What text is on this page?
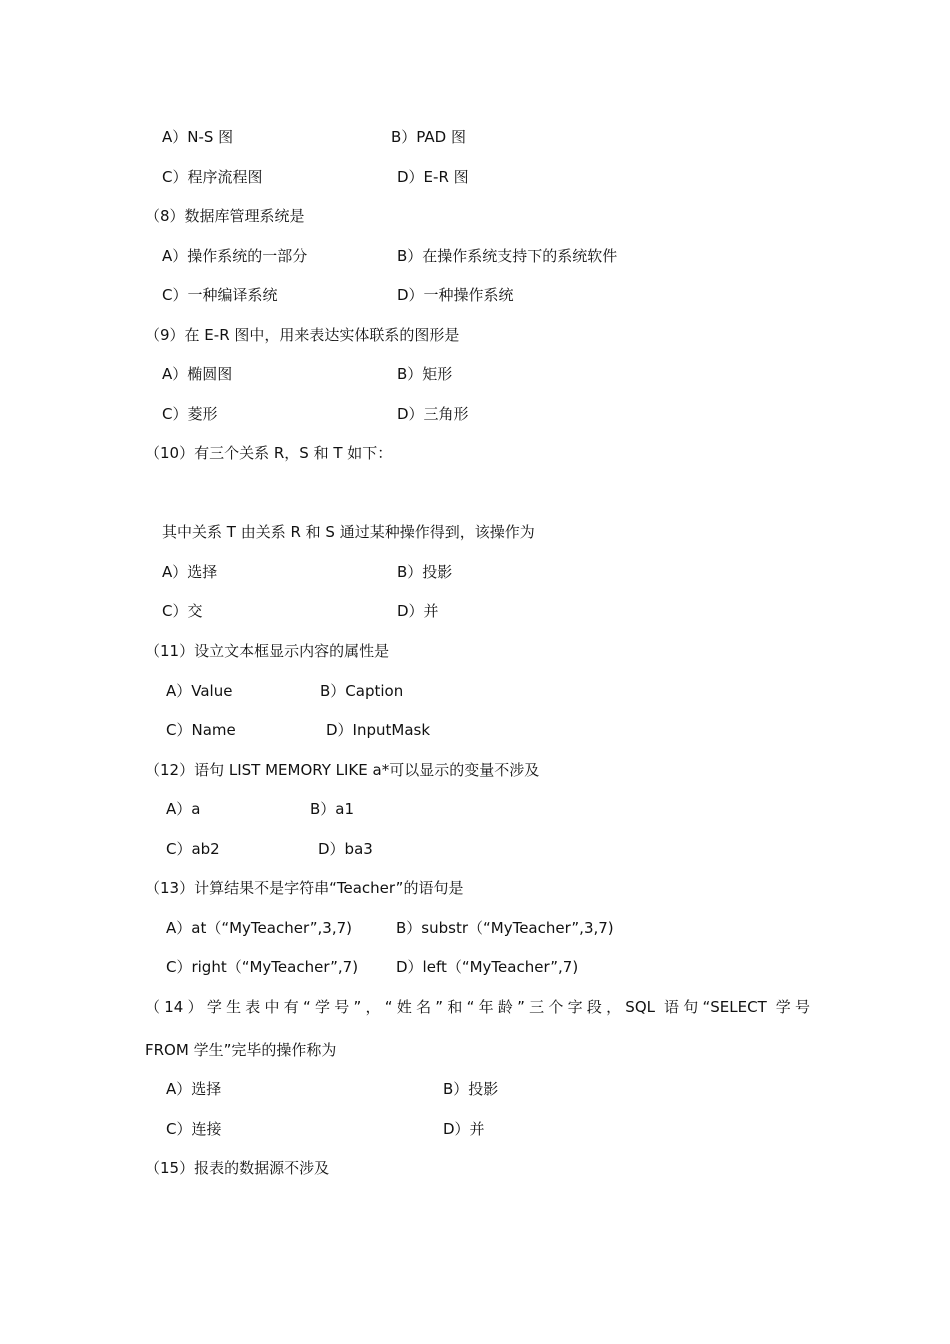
A）N-S 图	B）PAD 图
C）程序流程图	D）E-R 图
（8）数据库管理系统是
A）操作系统的一部分	B）在操作系统支持下的系统软件
C）一种编译系统	D）一种操作系统
（9）在 E-R 图中，用来表达实体联系的图形是
A）椭圆图	B）矩形
C）菱形	D）三角形
（10）有三个关系 R，S 和 T 如下：
其中关系 T 由关系 R 和 S 通过某种操作得到，该操作为
A）选择	B）投影
C）交	D）并
（11）设立文本框显示内容的属性是
A）Value	B）Caption
C）Name	D）InputMask
（12）语句 LIST MEMORY LIKE a*可以显示的变量不涉及
A）a	B）a1
C）ab2	D）ba3
（13）计算结果不是字符串“Teacher”的语句是
A）at（“MyTeacher”,3,7)	B）substr（“MyTeacher”,3,7)
C）right（“MyTeacher”,7)	D）left（“MyTeacher”,7)
（14）学生表中有“学号”，“姓名”和“年龄”三个字段，SQL 语句“SELECT 学号
FROM 学生”完毕的操作称为
A）选择	B）投影
C）连接	D）并
（15）报表的数据源不涉及
